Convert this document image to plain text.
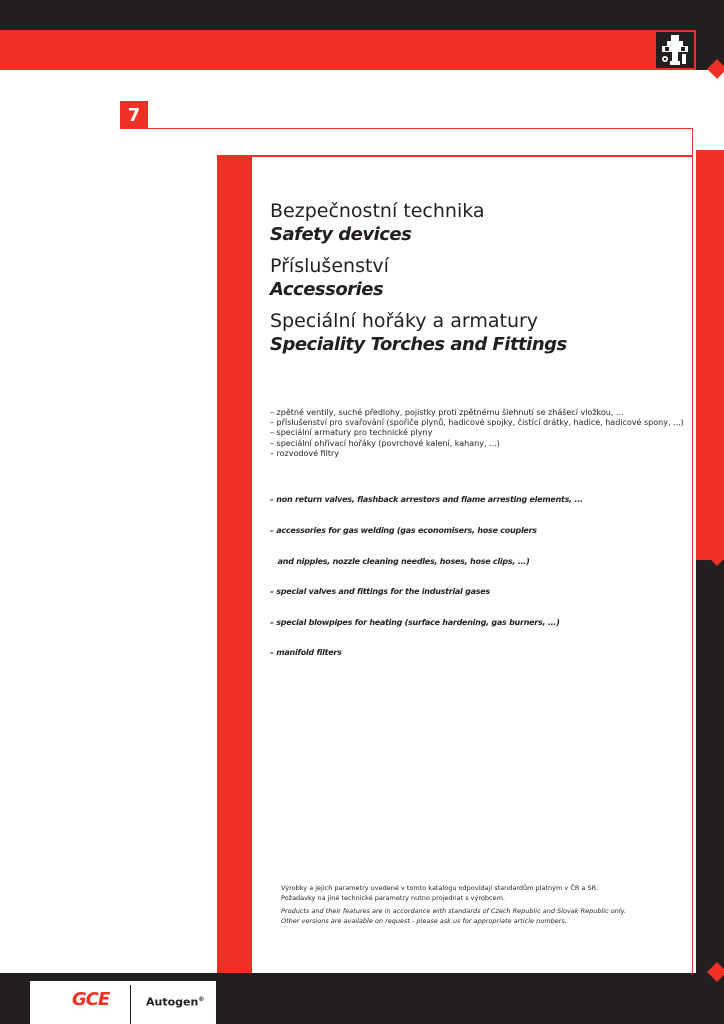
7
Bezpečnostní technika
Safety devices
Příslušenství
Accessories
Speciální hořáky a armatury
Speciality Torches and Fittings
– zpětné ventily, suché předlohy, pojistky proti zpětnému šlehnutí se zhášecí vložkou, ...
– příslušenství pro svařování (spořiče plynů, hadicové spojky, čistící drátky, hadice, hadicové spony, ...)
– speciální armatury pro technické plyny
– speciální ohřívací hořáky (povrchové kalení, kahany, ...)
– rozvodové filtry

– non return valves, flashback arrestors and flame arresting elements, ...

– accessories for gas welding (gas economisers, hose couplers

and nipples, nozzle cleaning needles, hoses, hose clips, ...)

– special valves and fittings for the industrial gases

– special blowpipes for heating (surface hardening, gas burners, ...)

– manifold filters

Výrobky a jejich parametry uvedené v tomto katalogu odpovídají standardům platným v ČR a SR.
Požadavky na jiné technické parametry nutno projednat s výrobcem.
Products and their features are in accordance with standards of Czech Republic and Slovak Republic only.
Other versions are available on request - please ask us for appropriate article numbers.
GCE	Autogen®
